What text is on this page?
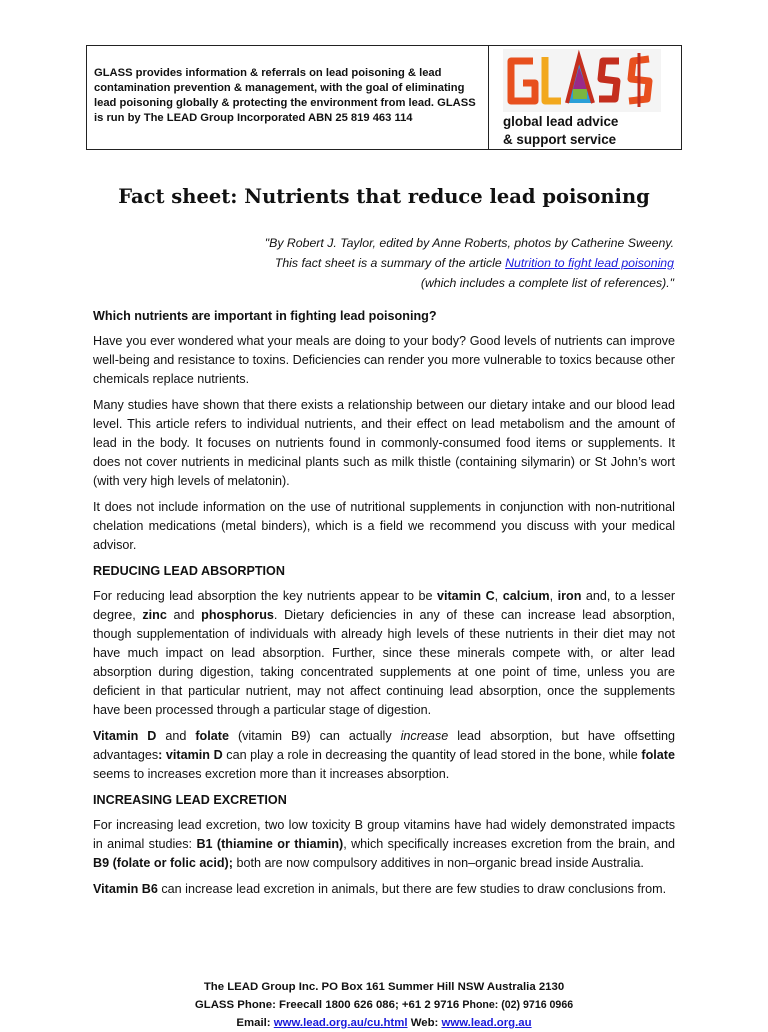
GLASS provides information & referrals on lead poisoning & lead contamination prevention & management, with the goal of eliminating lead poisoning globally & protecting the environment from lead. GLASS is run by The LEAD Group Incorporated ABN 25 819 463 114	global lead advice
& support service
Fact sheet: Nutrients that reduce lead poisoning
"By Robert J. Taylor, edited by Anne Roberts, photos by Catherine Sweeny.
This fact sheet is a summary of the article Nutrition to fight lead poisoning
(which includes a complete list of references)."
Which nutrients are important in fighting lead poisoning?

Have you ever wondered what your meals are doing to your body? Good levels of nutrients can improve well-being and resistance to toxins. Deficiencies can render you more vulnerable to toxics because other chemicals replace nutrients.

Many studies have shown that there exists a relationship between our dietary intake and our blood lead level. This article refers to individual nutrients, and their effect on lead metabolism and the amount of lead in the body. It focuses on nutrients found in commonly-consumed food items or supplements. It does not cover nutrients in medicinal plants such as milk thistle (containing silymarin) or St John’s wort (with very high levels of melatonin).

It does not include information on the use of nutritional supplements in conjunction with non-nutritional chelation medications (metal binders), which is a field we recommend you discuss with your medical advisor.

REDUCING LEAD ABSORPTION

For reducing lead absorption the key nutrients appear to be vitamin C, calcium, iron and, to a lesser degree, zinc and phosphorus. Dietary deficiencies in any of these can increase lead absorption, though supplementation of individuals with already high levels of these nutrients in their diet may not have much impact on lead absorption. Further, since these minerals compete with, or alter lead absorption during digestion, taking concentrated supplements at one point of time, unless you are deficient in that particular nutrient, may not affect continuing lead absorption, once the supplements have been processed through a particular stage of digestion.

Vitamin D and folate (vitamin B9) can actually increase lead absorption, but have offsetting advantages: vitamin D can play a role in decreasing the quantity of lead stored in the bone, while folate seems to increases excretion more than it increases absorption.

INCREASING LEAD EXCRETION

For increasing lead excretion, two low toxicity B group vitamins have had widely demonstrated impacts in animal studies: B1 (thiamine or thiamin), which specifically increases excretion from the brain, and B9 (folate or folic acid); both are now compulsory additives in non–organic bread inside Australia.

Vitamin B6 can increase lead excretion in animals, but there are few studies to draw conclusions from.

The LEAD Group Inc. PO Box 161 Summer Hill NSW Australia 2130
GLASS Phone: Freecall 1800 626 086; +61 2 9716 Phone: (02) 9716 0966
Email: www.lead.org.au/cu.html Web: www.lead.org.au
